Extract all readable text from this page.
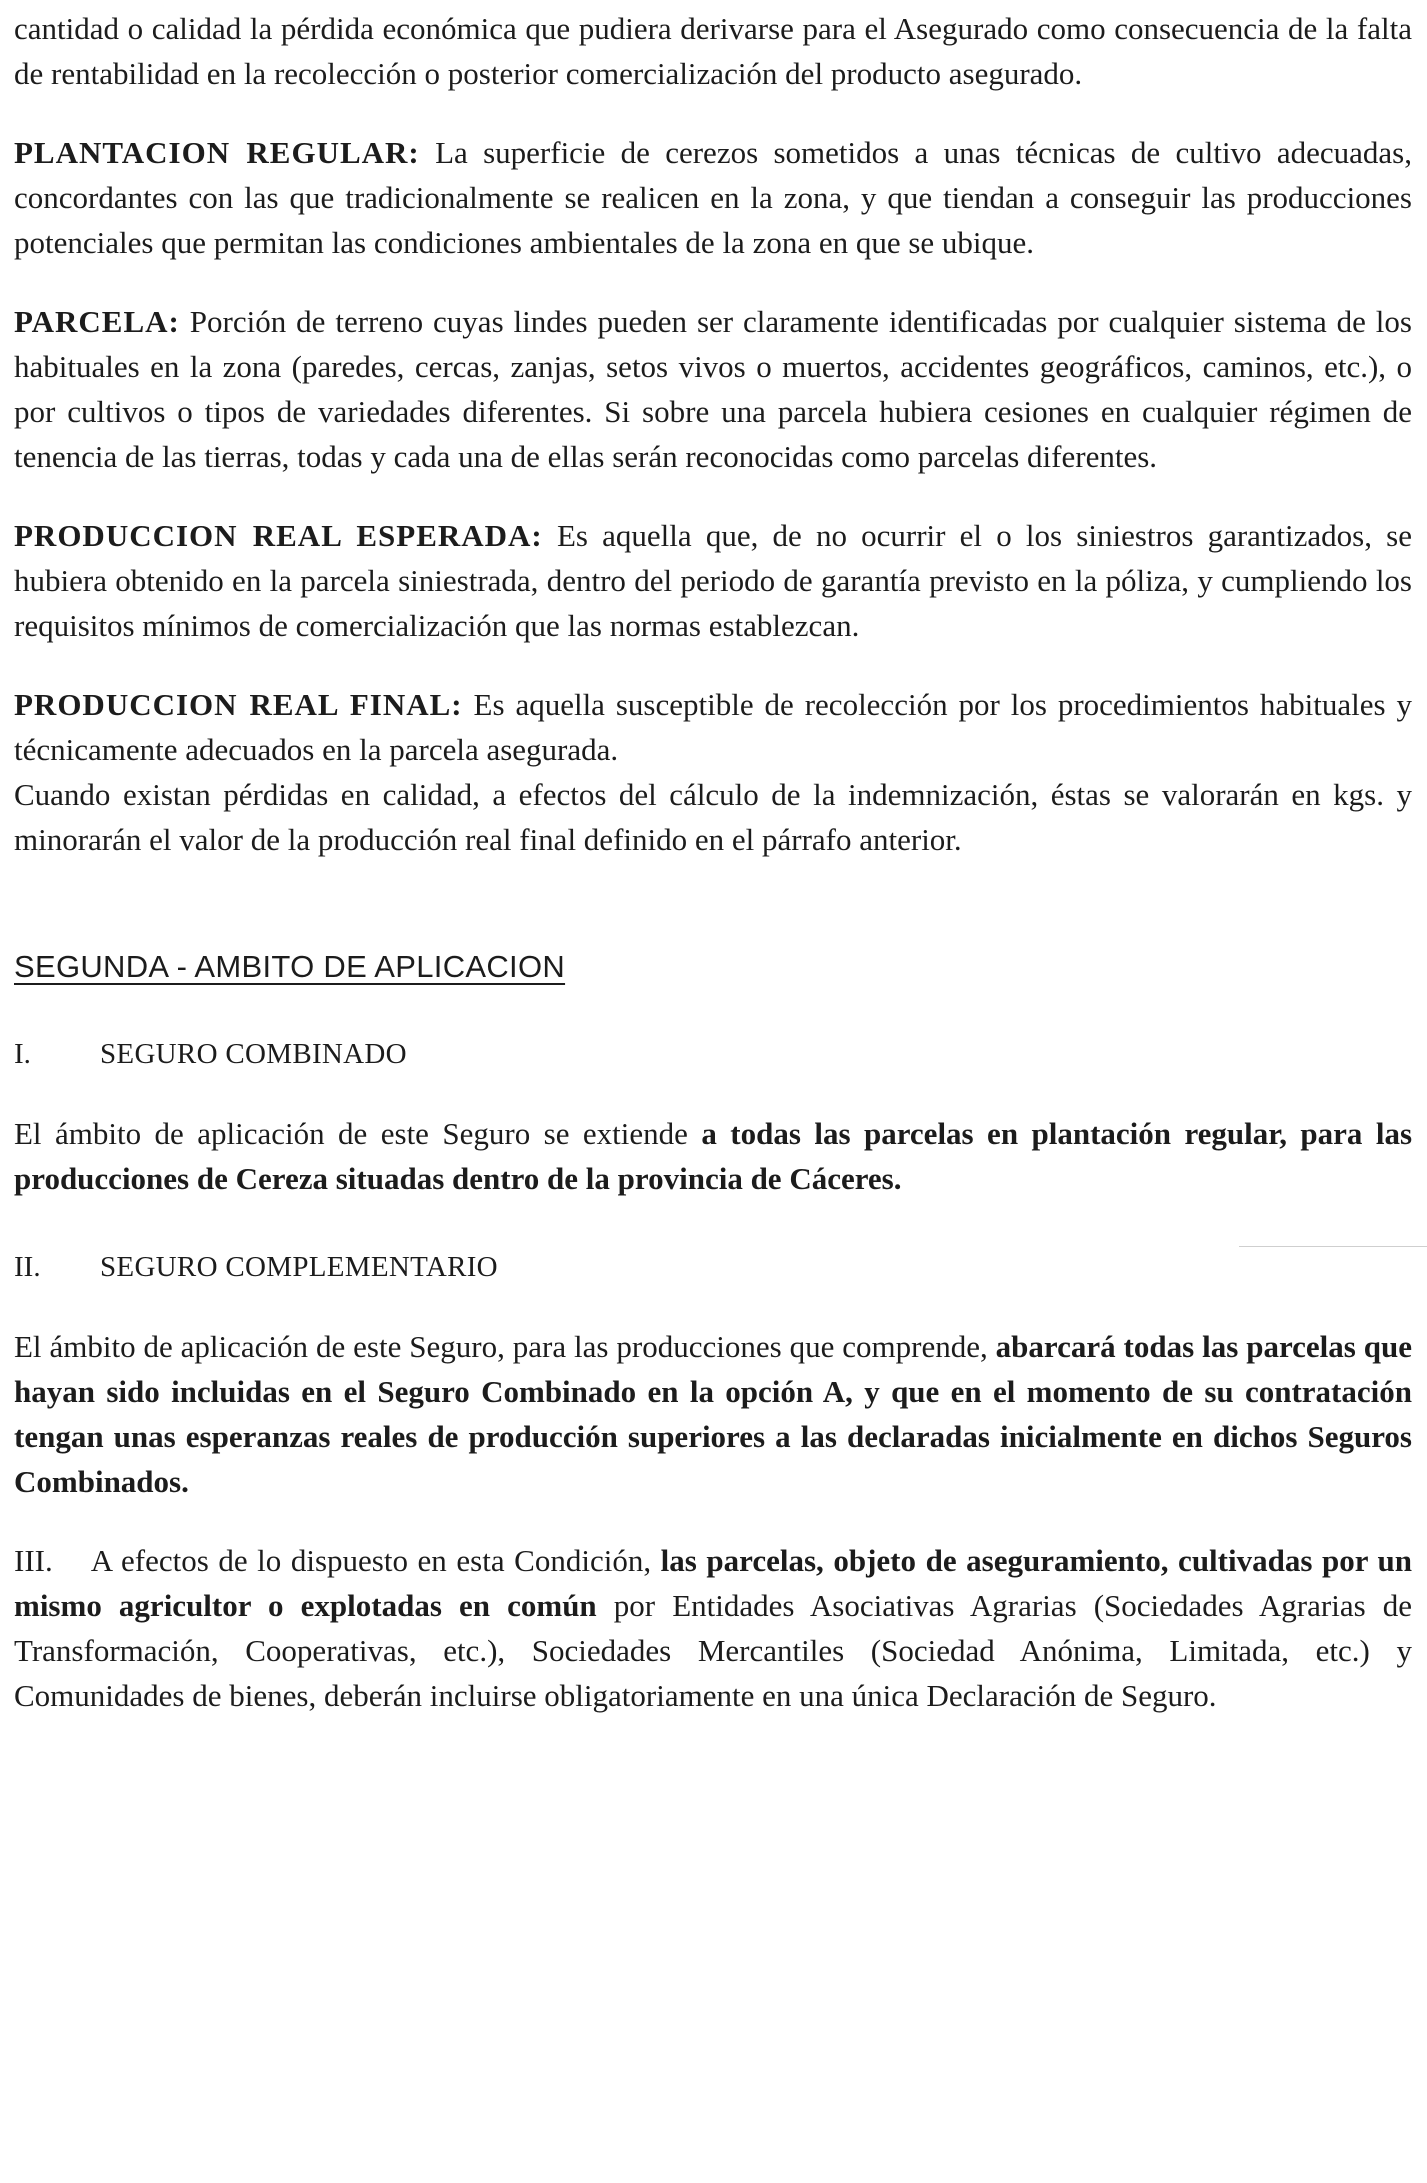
cantidad o calidad la pérdida económica que pudiera derivarse para el Asegurado como consecuencia de la falta de rentabilidad en la recolección o posterior comercialización del producto asegurado.

PLANTACION REGULAR: La superficie de cerezos sometidos a unas técnicas de cultivo adecuadas, concordantes con las que tradicionalmente se realicen en la zona, y que tiendan a conseguir las producciones potenciales que permitan las condiciones ambientales de la zona en que se ubique.

PARCELA: Porción de terreno cuyas lindes pueden ser claramente identificadas por cualquier sistema de los habituales en la zona (paredes, cercas, zanjas, setos vivos o muertos, accidentes geográficos, caminos, etc.), o por cultivos o tipos de variedades diferentes. Si sobre una parcela hubiera cesiones en cualquier régimen de tenencia de las tierras, todas y cada una de ellas serán reconocidas como parcelas diferentes.

PRODUCCION REAL ESPERADA: Es aquella que, de no ocurrir el o los siniestros garantizados, se hubiera obtenido en la parcela siniestrada, dentro del periodo de garantía previsto en la póliza, y cumpliendo los requisitos mínimos de comercialización que las normas establezcan.

PRODUCCION REAL FINAL: Es aquella susceptible de recolección por los procedimientos habituales y técnicamente adecuados en la parcela asegurada.

Cuando existan pérdidas en calidad, a efectos del cálculo de la indemnización, éstas se valorarán en kgs. y minorarán el valor de la producción real final definido en el párrafo anterior.

SEGUNDA - AMBITO DE APLICACION
I.	SEGURO COMBINADO

El ámbito de aplicación de este Seguro se extiende a todas las parcelas en plantación regular, para las producciones de Cereza situadas dentro de la provincia de Cáceres.

II.	SEGURO COMPLEMENTARIO

El ámbito de aplicación de este Seguro, para las producciones que comprende, abarcará todas las parcelas que hayan sido incluidas en el Seguro Combinado en la opción A, y que en el momento de su contratación tengan unas esperanzas reales de producción superiores a las declaradas inicialmente en dichos Seguros Combinados.

III. A efectos de lo dispuesto en esta Condición, las parcelas, objeto de aseguramiento, cultivadas por un mismo agricultor o explotadas en común por Entidades Asociativas Agrarias (Sociedades Agrarias de Transformación, Cooperativas, etc.), Sociedades Mercantiles (Sociedad Anónima, Limitada, etc.) y Comunidades de bienes, deberán incluirse obligatoriamente en una única Declaración de Seguro.
